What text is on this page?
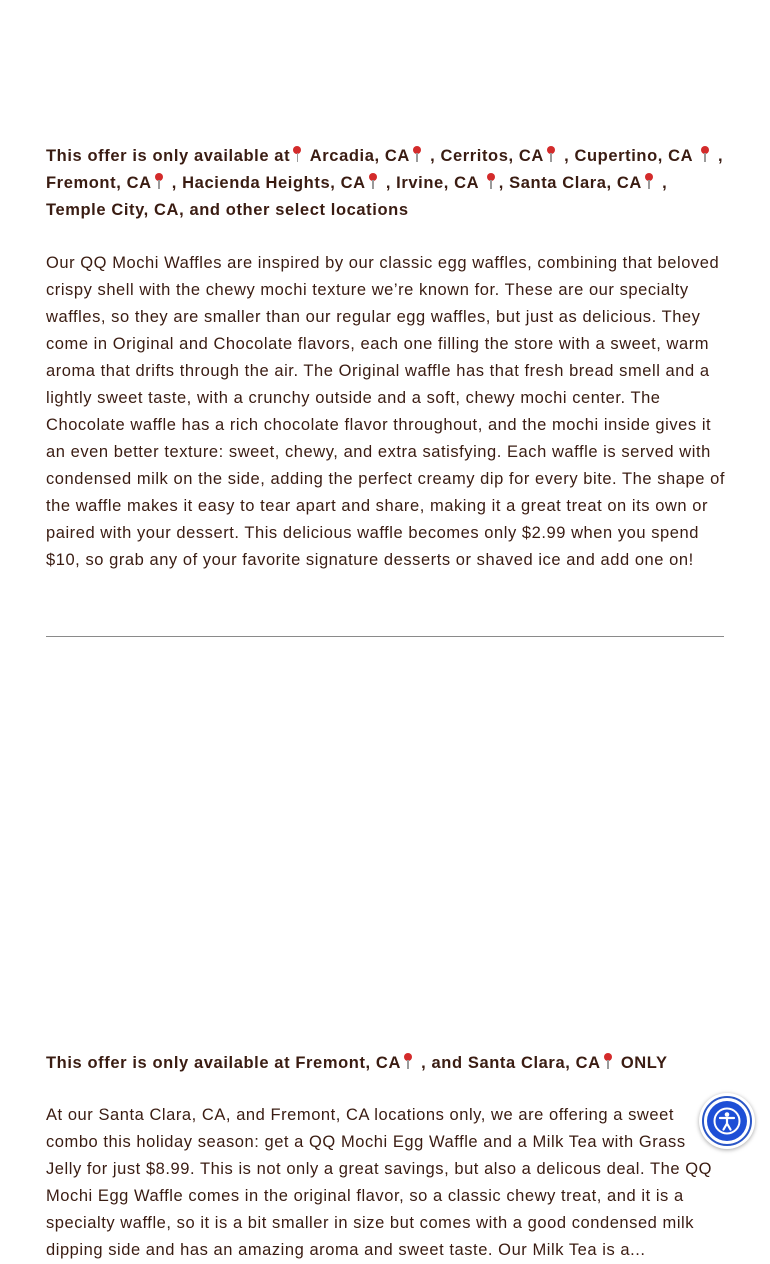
This offer is only available at Arcadia, CA , Cerritos, CA , Cupertino, CA , Fremont, CA , Hacienda Heights, CA , Irvine, CA , Santa Clara, CA , Temple City, CA, and other select locations

Our QQ Mochi Waffles are inspired by our classic egg waffles, combining that beloved crispy shell with the chewy mochi texture we’re known for. These are our specialty waffles, so they are smaller than our regular egg waffles, but just as delicious. They come in Original and Chocolate flavors, each one filling the store with a sweet, warm aroma that drifts through the air. The Original waffle has that fresh bread smell and a lightly sweet taste, with a crunchy outside and a soft, chewy mochi center. The Chocolate waffle has a rich chocolate flavor throughout, and the mochi inside gives it an even better texture: sweet, chewy, and extra satisfying. Each waffle is served with condensed milk on the side, adding the perfect creamy dip for every bite. The shape of the waffle makes it easy to tear apart and share, making it a great treat on its own or paired with your dessert. This delicious waffle becomes only $2.99 when you spend $10, so grab any of your favorite signature desserts or shaved ice and add one on!

This offer is only available at Fremont, CA , and Santa Clara, CA ONLY

At our Santa Clara, CA, and Fremont, CA locations only, we are offering a sweet combo this holiday season: get a QQ Mochi Egg Waffle and a Milk Tea with Grass Jelly for just $8.99. This is not only a great savings, but also a delicous deal. The QQ Mochi Egg Waffle comes in the original flavor, so a classic chewy treat, and it is a specialty waffle, so it is a bit smaller in size but comes with a good condensed milk dipping side and has an amazing aroma and sweet taste. Our Milk Tea is a...
